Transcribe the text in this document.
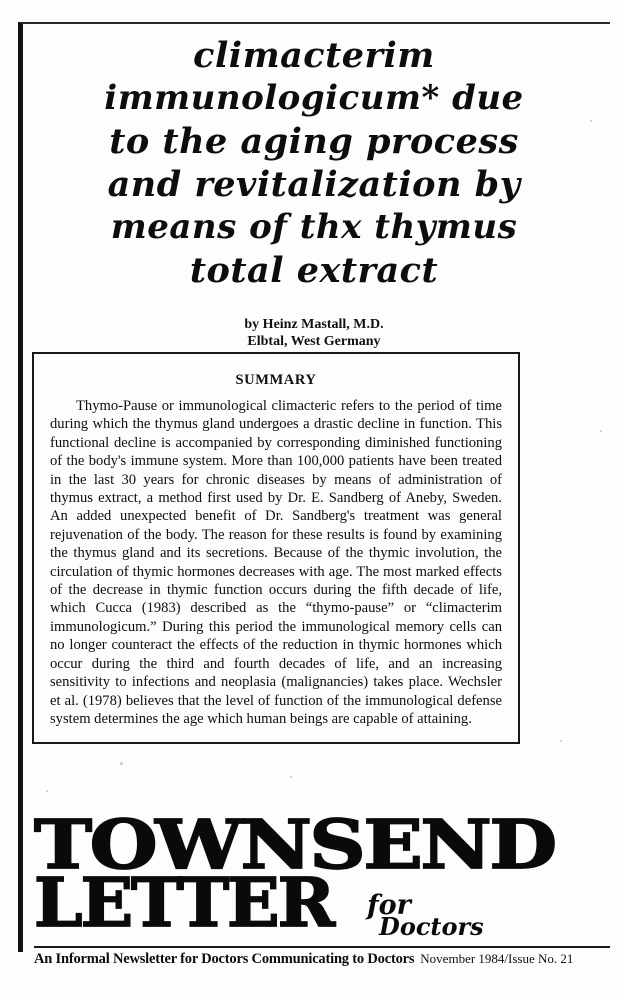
climacterim
immunologicum* due
to the aging process
and revitalization by
means of thx thymus
total extract
by Heinz Mastall, M.D.
Elbtal, West Germany
SUMMARY
Thymo-Pause or immunological climacteric refers to the period of time during which the thymus gland undergoes a drastic decline in function. This functional decline is accompanied by corresponding diminished functioning of the body's immune system. More than 100,000 patients have been treated in the last 30 years for chronic diseases by means of administration of thymus extract, a method first used by Dr. E. Sandberg of Aneby, Sweden. An added unexpected benefit of Dr. Sandberg's treatment was general rejuvenation of the body. The reason for these results is found by examining the thymus gland and its secretions. Because of the thymic involution, the circulation of thymic hormones decreases with age. The most marked effects of the decrease in thymic function occurs during the fifth decade of life, which Cucca (1983) described as the “thymo-pause” or “climacterim immunologicum.” During this period the immunological memory cells can no longer counteract the effects of the reduction in thymic hormones which occur during the third and fourth decades of life, and an increasing sensitivity to infections and neoplasia (malignancies) takes place. Wechsler et al. (1978) believes that the level of function of the immunological defense system determines the age which human beings are capable of attaining.
TOWNSEND
LETTER for
Doctors
An Informal Newsletter for Doctors Communicating to Doctors November 1984/Issue No. 21
